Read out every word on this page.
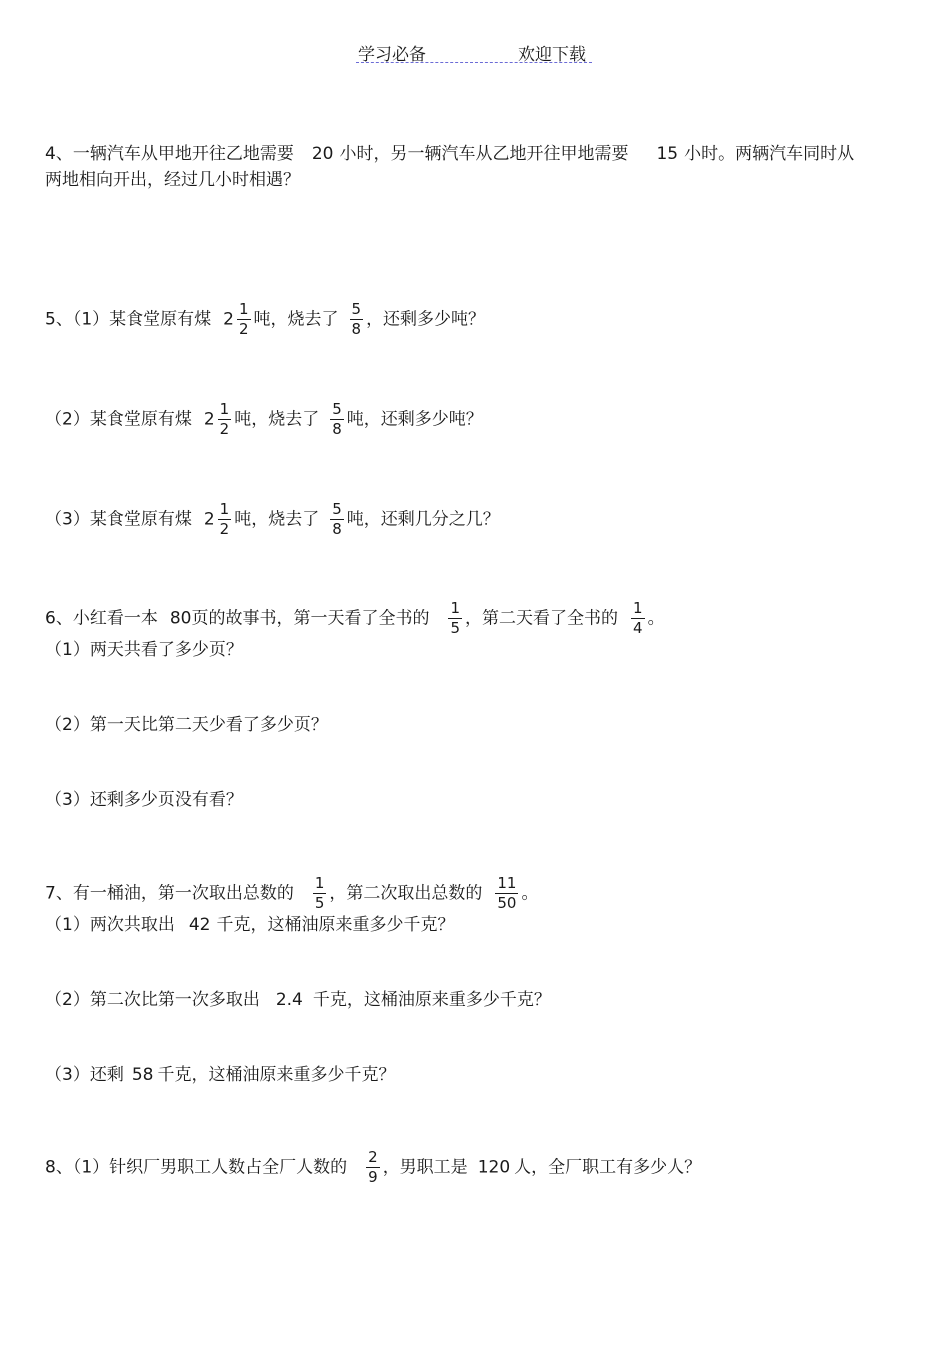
学习必备	欢迎下载
4、一辆汽车从甲地开往乙地需要 20 小时，另一辆汽车从乙地开往甲地需要 15 小时。两辆汽车同时从
两地相向开出，经过几小时相遇？
5、（1）某食堂原有煤 $2 \frac{1}{2}$ 吨，烧去了 $\frac{5}{8}$ ，还剩多少吨？
（2）某食堂原有煤 $2 \frac{1}{2}$ 吨，烧去了 $\frac{5}{8}$ 吨，还剩多少吨？
（3）某食堂原有煤 $2 \frac{1}{2}$ 吨，烧去了 $\frac{5}{8}$ 吨，还剩几分之几？
6、小红看一本 80页的故事书，第一天看了全书的 $\frac{1}{5}$ ，第二天看了全书的 $\frac{1}{4}$ 。
（1）两天共看了多少页？
（2）第一天比第二天少看了多少页？
（3）还剩多少页没有看？
7、有一桶油，第一次取出总数的 $\frac{1}{5}$ ，第二次取出总数的 $\frac{11}{50}$ 。
（1）两次共取出 42 千克，这桶油原来重多少千克？
（2）第二次比第一次多取出 2.4 千克，这桶油原来重多少千克？
（3）还剩 58 千克，这桶油原来重多少千克？
8、（1）针织厂男职工人数占全厂人数的 $\frac{2}{9}$ ，男职工是 120 人，全厂职工有多少人？
